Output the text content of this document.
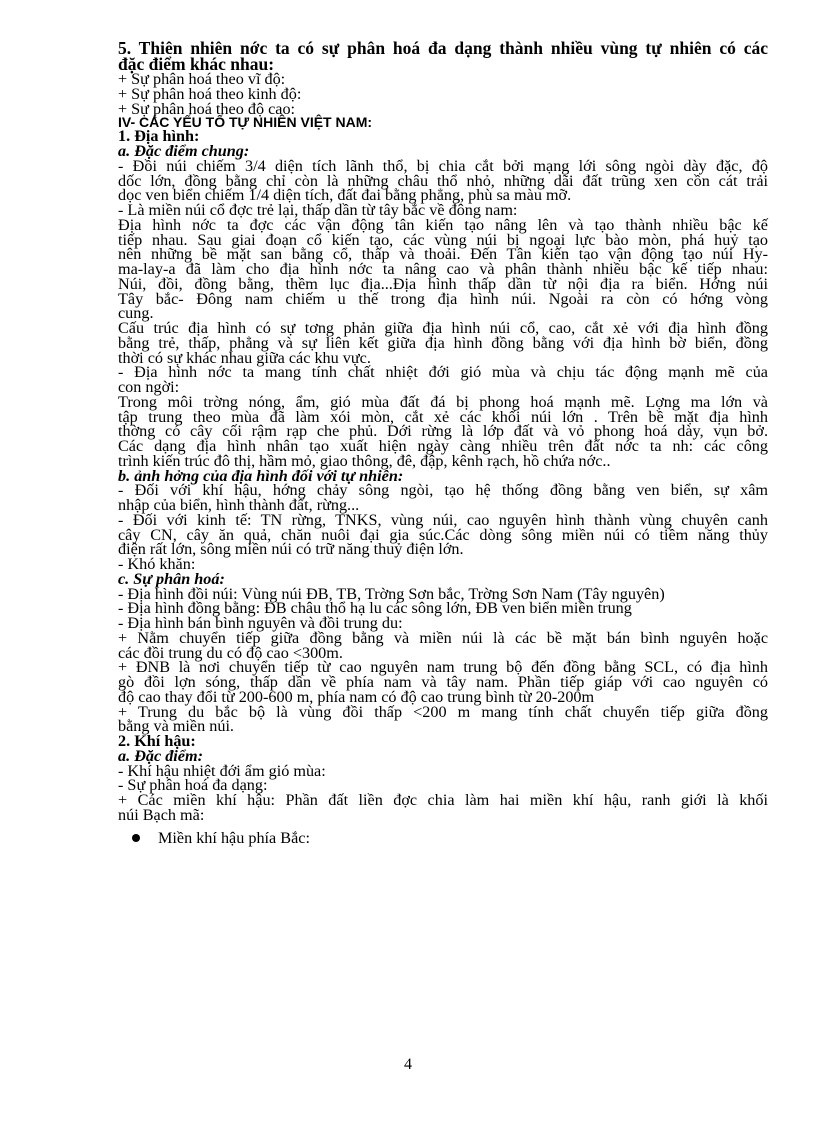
5. Thiên nhiên nớc ta có sự phân hoá đa dạng thành nhiều vùng tự nhiên có các
đặc điểm khác nhau:
+ Sự phân hoá theo vĩ độ:
+ Sự phân hoá theo kinh độ:
+ Sự phân hoá theo độ cao:
IV- CÁC YẾU TỐ TỰ NHIÊN VIỆT NAM:
1. Địa hình:
a. Đặc điểm chung:
- Đồi núi chiếm 3/4 diện tích lãnh thổ, bị chia cắt bởi mạng lới sông ngòi dày đặc, độ
dốc lớn, đồng bằng chỉ còn là những châu thổ nhỏ, những dãi đất trũng xen cồn cát trải
dọc ven biển chiếm 1/4 diện tích, đất đai bằng phẳng, phù sa màu mỡ.
- Là miền núi cổ đợc trẻ lại, thấp dần từ tây bắc về đông nam:
Địa hình nớc ta đợc các vận động tân kiến tạo nâng lên và tạo thành nhiều bậc kế
tiếp nhau. Sau giai đoạn cổ kiến tạo, các vùng núi bị ngoại lực bào mòn, phá huỷ tạo
nên những bề mặt san bằng cổ, thấp và thoải. Đến Tân kiến tạo vận động tạo núi Hy-
ma-lay-a đã làm cho địa hình nớc ta nâng cao và phân thành nhiều bậc kế tiếp nhau:
Núi, đồi, đồng bằng, thềm lục địa...Địa hình thấp dần từ nội địa ra biển. Hớng núi
Tây bắc- Đông nam chiếm u thế trong địa hình núi. Ngoài ra còn có hớng vòng
cung.
Cấu trúc địa hình có sự tơng phản giữa địa hình núi cổ, cao, cắt xẻ với địa hình đồng
bằng trẻ, thấp, phẳng và sự liên kết giữa địa hình đồng bằng với địa hình bờ biển, đồng
thời có sự khác nhau giữa các khu vực.
- Địa hình nớc ta mang tính chất nhiệt đới gió mùa và chịu tác động mạnh mẽ của
con ngời:
Trong môi trờng nóng, ẩm, gió mùa đất đá bị phong hoá mạnh mẽ. Lợng ma lớn và
tập trung theo mùa đã làm xói mòn, cắt xẻ các khối núi lớn . Trên bề mặt địa hình
thờng có cây cối rậm rạp che phủ. Dới rừng là lớp đất và vỏ phong hoá dày, vụn bở.
Các dạng địa hình nhân tạo xuất hiện ngày càng nhiều trên đất nớc ta nh: các công
trình kiến trúc đô thị, hầm mỏ, giao thông, đê, đập, kênh rạch, hồ chứa nớc..
b. ảnh hởng của địa hình đối với tự nhiên:
- Đối với khí hậu, hớng chảy sông ngòi, tạo hệ thống đồng bằng ven biển, sự xâm
nhập của biển, hình thành đất, rừng...
- Đối với kinh tế: TN rừng, TNKS, vùng núi, cao nguyên hình thành vùng chuyên canh
cây CN, cây ăn quả, chăn nuôi đại gia súc.Các dòng sông miền núi có tiềm năng thủy
điện rất lớn, sông miền núi có trữ năng thuỷ điện lớn.
- Khó khăn:
c. Sự phân hoá:
- Địa hình đồi núi: Vùng núi ĐB, TB, Trờng Sơn bắc, Trờng Sơn Nam (Tây nguyên)
- Địa hình đồng bằng: ĐB châu thổ hạ lu các sông lớn, ĐB ven biển miền trung
- Địa hình bán bình nguyên và đồi trung du:
+ Nằm chuyển tiếp giữa đồng bằng và miền núi là các bề mặt bán bình nguyên hoặc
các đồi trung du có độ cao <300m.
+ ĐNB là nơi chuyển tiếp từ cao nguyên nam trung bộ đến đồng bằng SCL, có địa hình
gò đồi lợn sóng, thấp dần về phía nam và tây nam. Phần tiếp giáp với cao nguyên có
độ cao thay đổi từ 200-600 m, phía nam có độ cao trung bình từ 20-200m
+ Trung du bắc bộ là vùng đồi thấp <200 m mang tính chất chuyển tiếp giữa đồng
bằng và miền núi.
2. Khí hậu:
a. Đặc điểm:
- Khí hậu nhiệt đới ẩm gió mùa:
- Sự phân hoá đa dạng:
+ Các miền khí hậu: Phần đất liền đợc chia làm hai miền khí hậu, ranh giới là khối
núi Bạch mã:
Miền khí hậu phía Bắc:
4
